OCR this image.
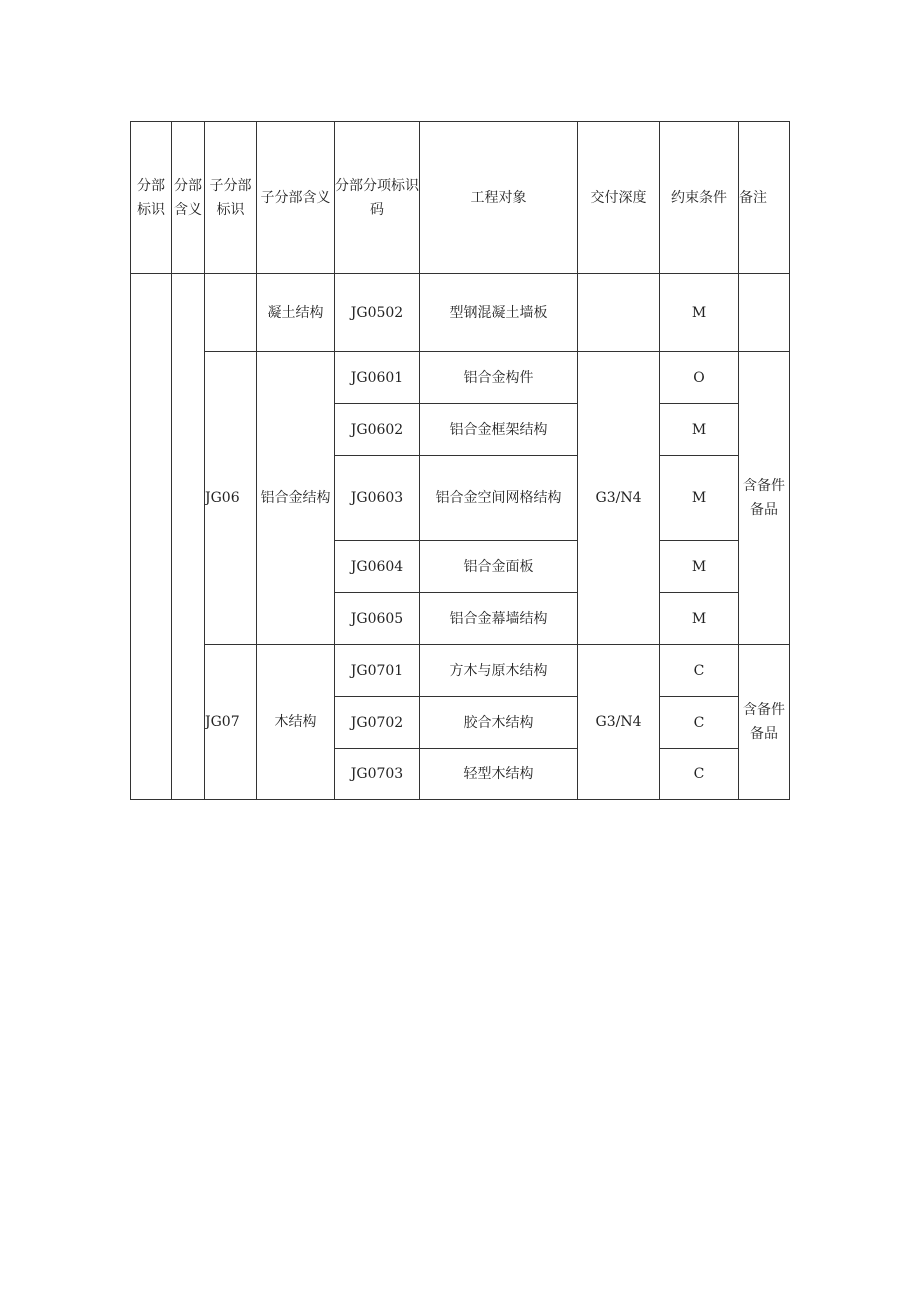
分部标识	分部含义	子分部标识	子分部含义	分部分项标识码	工程对象	交付深度	约束条件	备注
			凝土结构	JG0502	型钢混凝土墙板		M	
		JG06	铝合金结构	JG0601	铝合金构件	G3/N4	O	含备件备品
				JG0602	铝合金框架结构		M	
				JG0603	铝合金空间网格结构		M	
				JG0604	铝合金面板		M	
				JG0605	铝合金幕墙结构		M	
		JG07	木结构	JG0701	方木与原木结构	G3/N4	C	含备件备品
				JG0702	胶合木结构		C	
				JG0703	轻型木结构		C	
